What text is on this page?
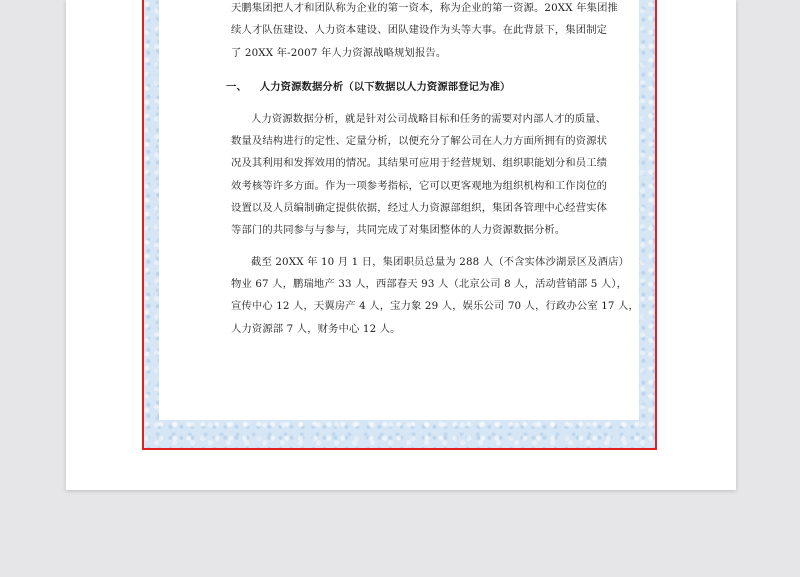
天鹏集团把人才和团队称为企业的第一资本，称为企业的第一资源。20XX 年集团推
续人才队伍建设、人力资本建设、团队建设作为头等大事。在此背景下，集团制定
了 20XX 年-2007 年人力资源战略规划报告。
一、 人力资源数据分析（以下数据以人力资源部登记为准）
人力资源数据分析，就是针对公司战略目标和任务的需要对内部人才的质量、
数量及结构进行的定性、定量分析，以便充分了解公司在人力方面所拥有的资源状
况及其利用和发挥效用的情况。其结果可应用于经营规划、组织职能划分和员工绩
效考核等许多方面。作为一项参考指标，它可以更客观地为组织机构和工作岗位的
设置以及人员编制确定提供依据，经过人力资源部组织，集团各管理中心经营实体
等部门的共同参与与参与，共同完成了对集团整体的人力资源数据分析。
截至 20XX 年 10 月 1 日，集团职员总量为 288 人（不含实体沙湖景区及酒店）
物业 67 人，鹏瑞地产 33 人，西部春天 93 人（北京公司 8 人，活动营销部 5 人），
宣传中心 12 人，天翼房产 4 人，宝力象 29 人，娱乐公司 70 人，行政办公室 17 人，
人力资源部 7 人，财务中心 12 人。
